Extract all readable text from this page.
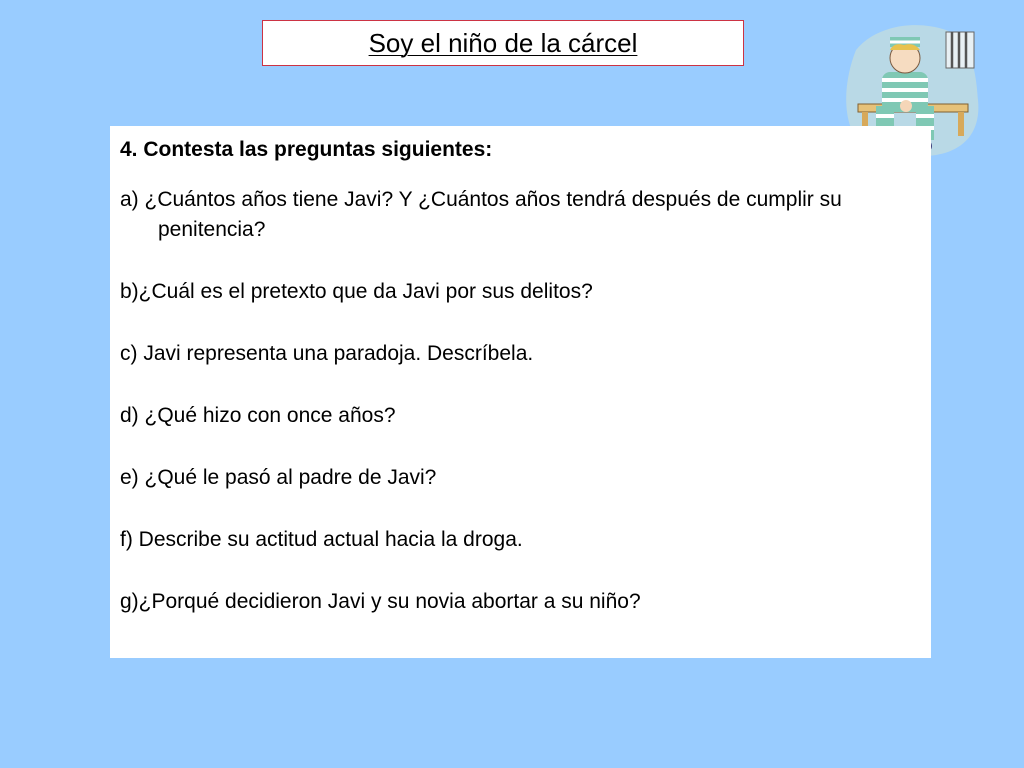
Soy el niño de la cárcel
4. Contesta las preguntas siguientes:
a) ¿Cuántos años tiene Javi? Y ¿Cuántos años tendrá después de cumplir su penitencia?
b)¿Cuál es el pretexto que da Javi por sus delitos?
c) Javi representa una paradoja. Descríbela.
d) ¿Qué hizo con once años?
e) ¿Qué le pasó al padre de Javi?
f) Describe su actitud actual hacia la droga.
g)¿Porqué decidieron Javi y su novia abortar a su niño?
